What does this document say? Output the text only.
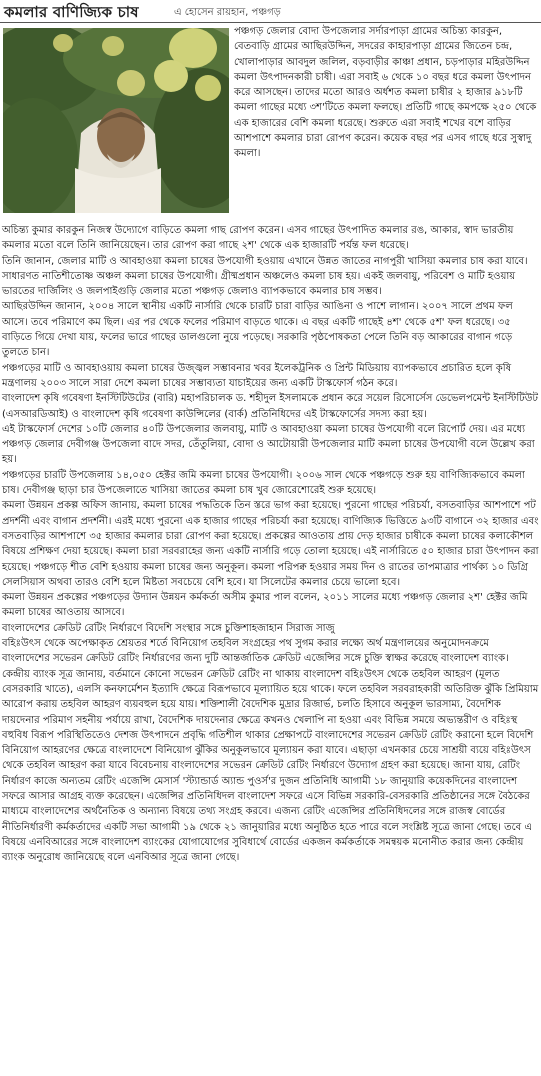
কমলার বাণিজ্যিক চাষ	এ হোসেন রায়হান, পঞ্চগড়

পঞ্চগড় জেলার বোদা উপজেলার সর্দারপাড়া গ্রামের অচিন্ত্য কারকুন, বেতবাড়ি গ্রামের আছিরউদ্দিন, সদরের কাহারপাড়া গ্রামের জিতেন চন্দ্র, খোলাপাড়ার আবদুল জলিল, বড়বাড়ীর কাঞ্চা প্রধান, চড়পাড়ার মহিরউদ্দিন কমলা উৎপাদনকারী চাষী। এরা সবাই ৬ থেকে ১০ বছর ধরে কমলা উৎপাদন করে আসছেন। তাদের মতো আরও অর্ধশত কমলা চাষীর ২ হাজার ৯১৮টি কমলা গাছের মধ্যে ৩শ'টিতে কমলা ফলছে। প্রতিটি গাছে কমপক্ষে ২৫০ থেকে এক হাজারের বেশি কমলা ধরেছে। শুরুতে এরা সবাই শখের বশে বাড়ির আশপাশে কমলার চারা রোপণ করেন। কয়েক বছর পর এসব গাছে ধরে সুস্বাদু কমলা।

অচিন্ত্য কুমার কারকুন নিজস্ব উদ্যোগে বাড়িতে কমলা গাছ রোপণ করেন। এসব গাছের উৎপাদিত কমলার রঙ, আকার, স্বাদ ভারতীয় কমলার মতো বলে তিনি জানিয়েছেন। তার রোপণ করা গাছে ২শ' থেকে এক হাজারটি পর্যন্ত ফল ধরেছে।

তিনি জানান, জেলার মাটি ও আবহাওয়া কমলা চাষের উপযোগী হওয়ায় এখানে উন্নত জাতের নাগপুরী খাসিয়া কমলার চাষ করা যাবে। সাধারণত নাতিশীতোষ্ণ অঞ্চল কমলা চাষের উপযোগী। গ্রীষ্মপ্রধান অঞ্চলেও কমলা চাষ হয়। একই জলবায়ু, পরিবেশ ও মাটি হওয়ায় ভারতের দার্জিলিং ও জলপাইগুড়ি জেলার মতো পঞ্চগড় জেলাও ব্যাপকভাবে কমলার চাষ সম্ভব।

আছিরউদ্দিন জানান, ২০০৪ সালে স্থানীয় একটি নার্সারি থেকে চারটি চারা বাড়ির আঙিনা ও পাশে লাগান। ২০০৭ সালে প্রথম ফল আসে। তবে পরিমাণে কম ছিল। এর পর থেকে ফলের পরিমাণ বাড়তে থাকে। এ বছর একটি গাছেই ৪শ' থেকে ৫শ' ফল ধরেছে। ৩৫ বাড়িতে গিয়ে দেখা যায়, ফলের ভারে গাছের ডালগুলো নুয়ে পড়েছে। সরকারি পৃষ্ঠপোষকতা পেলে তিনি বড় আকারের বাগান গড়ে তুলতে চান।

পঞ্চগড়ের মাটি ও আবহাওয়ায় কমলা চাষের উজ্জ্বল সম্ভাবনার খবর ইলেকট্রনিক ও প্রিন্ট মিডিয়ায় ব্যাপকভাবে প্রচারিত হলে কৃষি মন্ত্রণালয় ২০০৩ সালে সারা দেশে কমলা চাষের সম্ভাব্যতা যাচাইয়ের জন্য একটি টাস্কফোর্স গঠন করে।

বাংলাদেশ কৃষি গবেষণা ইনস্টিটিউটের (বারি) মহাপরিচালক ড. শহীদুল ইসলামকে প্রধান করে সয়েল রিসোর্সেস ডেভেলপমেন্ট ইনস্টিটিউট (এসআরডিআই) ও বাংলাদেশ কৃষি গবেষণা কাউন্সিলের (বার্ক) প্রতিনিধিদের এই টাস্কফোর্সের সদস্য করা হয়।

এই টাস্কফোর্স দেশের ১০টি জেলার ৪০টি উপজেলার জলবায়ু, মাটি ও আবহাওয়া কমলা চাষের উপযোগী বলে রিপোর্ট দেয়। এর মধ্যে পঞ্চগড় জেলার দেবীগঞ্জ উপজেলা বাদে সদর, তেঁতুলিয়া, বোদা ও আটোয়ারী উপজেলার মাটি কমলা চাষের উপযোগী বলে উল্লেখ করা হয়।

পঞ্চগড়ের চারটি উপজেলায় ১৪,০৫০ হেক্টর জমি কমলা চাষের উপযোগী। ২০০৬ সাল থেকে পঞ্চগড়ে শুরু হয় বাণিজ্যিকভাবে কমলা চাষ। দেবীগঞ্জ ছাড়া চার উপজেলাতে খাসিয়া জাতের কমলা চাষ খুব জোরেশোরেই শুরু হয়েছে।

কমলা উন্নয়ন প্রকল্প অফিস জানায়, কমলা চাষের পদ্ধতিকে তিন স্তরে ভাগ করা হয়েছে। পুরনো গাছের পরিচর্যা, বসতবাড়ির আশপাশে পট প্রদর্শনী এবং বাগান প্রদর্শনী। এরই মধ্যে পুরনো এক হাজার গাছের পরিচর্যা করা হয়েছে। বাণিজ্যিক ভিত্তিতে ৯৩টি বাগানে ৩২ হাজার এবং বসতবাড়ির আশপাশে ৩৫ হাজার কমলার চারা রোপণ করা হয়েছে। প্রকল্পের আওতায় প্রায় দেড় হাজার চাষীকে কমলা চাষের কলাকৌশল বিষয়ে প্রশিক্ষণ দেয়া হয়েছে। কমলা চারা সরবরাহের জন্য একটি নার্সারি গড়ে তোলা হয়েছে। এই নার্সারিতে ৫০ হাজার চারা উৎপাদন করা হয়েছে। পঞ্চগড়ে শীত বেশি হওয়ায় কমলা চাষের জন্য অনুকূল। কমলা পরিপক্ব হওয়ার সময় দিন ও রাতের তাপমাত্রার পার্থক্য ১০ ডিগ্রি সেলসিয়াস অথবা তারও বেশি হলে মিষ্টতা সবচেয়ে বেশি হবে। যা সিলেটের কমলার চেয়ে ভালো হবে।

কমলা উন্নয়ন প্রকল্পের পঞ্চগড়ের উদ্যান উন্নয়ন কর্মকর্তা অসীম কুমার পাল বলেন, ২০১১ সালের মধ্যে পঞ্চগড় জেলার ২শ' হেক্টর জমি কমলা চাষের আওতায় আসবে।

বাংলাদেশের ক্রেডিট রেটিং নির্ধারণে বিদেশি সংস্থার সঙ্গে চুক্তিশাহজাহান সিরাজ সাজু

বহিঃউৎস থেকে অপেক্ষাকৃত শ্রেয়তর শর্তে বিনিয়োগ তহবিল সংগ্রহের পথ সুগম করার লক্ষ্যে অর্থ মন্ত্রণালয়ের অনুমোদনক্রমে বাংলাদেশের সভেরন ক্রেডিট রেটিং নির্ধারণের জন্য দুটি আন্তর্জাতিক ক্রেডিট এজেন্সির সঙ্গে চুক্তি স্বাক্ষর করেছে বাংলাদেশ ব্যাংক। কেন্দ্রীয় ব্যাংক সূত্র জানায়, বর্তমানে কোনো সভেরন ক্রেডিট রেটিং না থাকায় বাংলাদেশ বহিঃউৎস থেকে তহবিল আহরণ (মূলত বেসরকারি খাতে), এলসি কনফার্মেশন ইত্যাদি ক্ষেত্রে বিরূপভাবে মূল্যায়িত হয়ে থাকে। ফলে তহবিল সরবরাহকারী অতিরিক্ত ঝুঁকি প্রিমিয়াম আরোপ করায় তহবিল আহরণ ব্যয়বহুল হয়ে যায়। শক্তিশালী বৈদেশিক মুদ্রার রিজার্ভ, চলতি হিসাবে অনুকূল ভারসাম্য, বৈদেশিক দায়দেনার পরিমাণ সহনীয় পর্যায়ে রাখা, বৈদেশিক দায়দেনার ক্ষেত্রে কখনও খেলাপি না হওয়া এবং বিভিন্ন সময়ে অভ্যন্তরীণ ও বহিঃস্থ বহুবিধ বিরূপ পরিস্থিতিতেও দেশজ উৎপাদনে প্রবৃদ্ধি গতিশীল থাকার প্রেক্ষাপটে বাংলাদেশের সভেরন ক্রেডিট রেটিং করানো হলে বিদেশি বিনিয়োগ আহরণের ক্ষেত্রে বাংলাদেশে বিনিয়োগ ঝুঁকির অনুকূলভাবে মূল্যায়ন করা যাবে। এছাড়া এখনকার চেয়ে সাশ্রয়ী ব্যয়ে বহিঃউৎস থেকে তহবিল আহরণ করা যাবে বিবেচনায় বাংলাদেশের সভেরন ক্রেডিট রেটিং নির্ধারণে উদ্যোগ গ্রহণ করা হয়েছে। জানা যায়, রেটিং নির্ধারণ কাজে অন্যতম রেটিং এজেন্সি মেসার্স 'স্ট্যান্ডার্ড অ্যান্ড পুওর্স'র দুজন প্রতিনিধি আগামী ১৮ জানুয়ারি কয়েকদিনের বাংলাদেশ সফরে আসার আগ্রহ ব্যক্ত করেছেন। এজেন্সির প্রতিনিধিদল বাংলাদেশ সফরে এসে বিভিন্ন সরকারি-বেসরকারি প্রতিষ্ঠানের সঙ্গে বৈঠকের মাধ্যমে বাংলাদেশের অর্থনৈতিক ও অন্যান্য বিষয়ে তথ্য সংগ্রহ করবে। এজন্য রেটিং এজেন্সির প্রতিনিধিদলের সঙ্গে রাজস্ব বোর্ডের নীতিনির্ধারণী কর্মকর্তাদের একটি সভা আগামী ১৯ থেকে ২১ জানুয়ারির মধ্যে অনুষ্ঠিত হতে পারে বলে সংশ্লিষ্ট সূত্রে জানা গেছে। তবে এ বিষয়ে এনবিআরের সঙ্গে বাংলাদেশ ব্যাংকের যোগাযোগের সুবিধার্থে বোর্ডের একজন কর্মকর্তাকে সমন্বয়ক মনোনীত করার জন্য কেন্দ্রীয় ব্যাংক অনুরোধ জানিয়েছে বলে এনবিআর সূত্রে জানা গেছে।
